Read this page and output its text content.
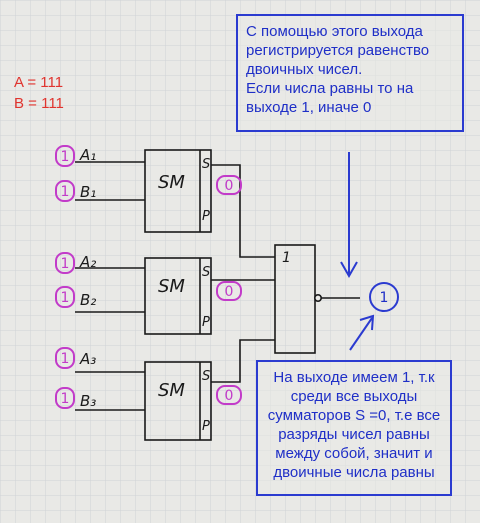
1
1	0
1
1	0
1
1	0
A₁
B₁
A₂
B₂
A₃
B₃
SM
S
P
SM
S
P
SM
S
P
1
1
A = 111
B = 111
С помощью этого выхода
регистрируется равенство
двоичных чисел.
Если числа равны то на
выходе 1, иначе 0
На выходе имеем 1, т.к
среди все выходы
сумматоров S =0, т.е все
разряды чисел равны
между собой, значит и
двоичные числа равны
